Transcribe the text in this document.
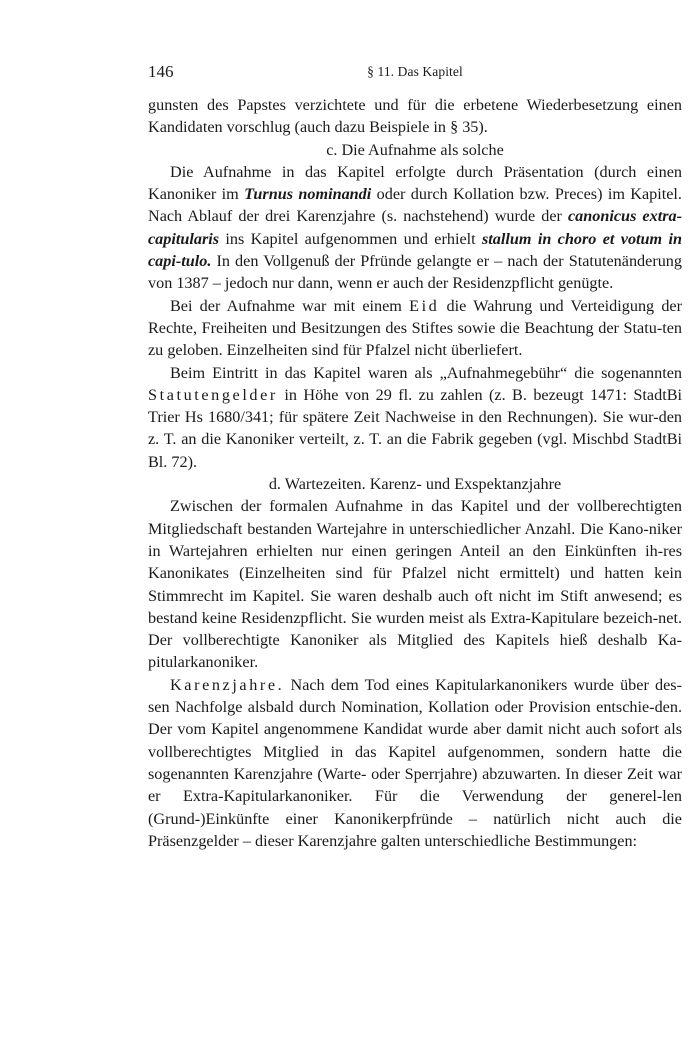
146	§ 11. Das Kapitel

gunsten des Papstes verzichtete und für die erbetene Wiederbesetzung einen Kandidaten vorschlug (auch dazu Beispiele in § 35).

c. Die Aufnahme als solche

Die Aufnahme in das Kapitel erfolgte durch Präsentation (durch einen Kanoniker im Turnus nominandi oder durch Kollation bzw. Preces) im Kapitel. Nach Ablauf der drei Karenzjahre (s. nachstehend) wurde der canonicus extra-capitularis ins Kapitel aufgenommen und erhielt stallum in choro et votum in capi-tulo. In den Vollgenuß der Pfründe gelangte er – nach der Statutenänderung von 1387 – jedoch nur dann, wenn er auch der Residenzpflicht genügte.

Bei der Aufnahme war mit einem Eid die Wahrung und Verteidigung der Rechte, Freiheiten und Besitzungen des Stiftes sowie die Beachtung der Statu-ten zu geloben. Einzelheiten sind für Pfalzel nicht überliefert.

Beim Eintritt in das Kapitel waren als „Aufnahmegebühr“ die sogenannten Statutengelder in Höhe von 29 fl. zu zahlen (z. B. bezeugt 1471: StadtBi Trier Hs 1680/341; für spätere Zeit Nachweise in den Rechnungen). Sie wur-den z. T. an die Kanoniker verteilt, z. T. an die Fabrik gegeben (vgl. Mischbd StadtBi Bl. 72).

d. Wartezeiten. Karenz- und Exspektanzjahre

Zwischen der formalen Aufnahme in das Kapitel und der vollberechtigten Mitgliedschaft bestanden Wartejahre in unterschiedlicher Anzahl. Die Kano-niker in Wartejahren erhielten nur einen geringen Anteil an den Einkünften ih-res Kanonikates (Einzelheiten sind für Pfalzel nicht ermittelt) und hatten kein Stimmrecht im Kapitel. Sie waren deshalb auch oft nicht im Stift anwesend; es bestand keine Residenzpflicht. Sie wurden meist als Extra-Kapitulare bezeich-net. Der vollberechtigte Kanoniker als Mitglied des Kapitels hieß deshalb Ka-pitularkanoniker.

Karenzjahre. Nach dem Tod eines Kapitularkanonikers wurde über des-sen Nachfolge alsbald durch Nomination, Kollation oder Provision entschie-den. Der vom Kapitel angenommene Kandidat wurde aber damit nicht auch sofort als vollberechtigtes Mitglied in das Kapitel aufgenommen, sondern hatte die sogenannten Karenzjahre (Warte- oder Sperrjahre) abzuwarten. In dieser Zeit war er Extra-Kapitularkanoniker. Für die Verwendung der generel-len (Grund-)Einkünfte einer Kanonikerpfründe – natürlich nicht auch die Präsenzgelder – dieser Karenzjahre galten unterschiedliche Bestimmungen:
